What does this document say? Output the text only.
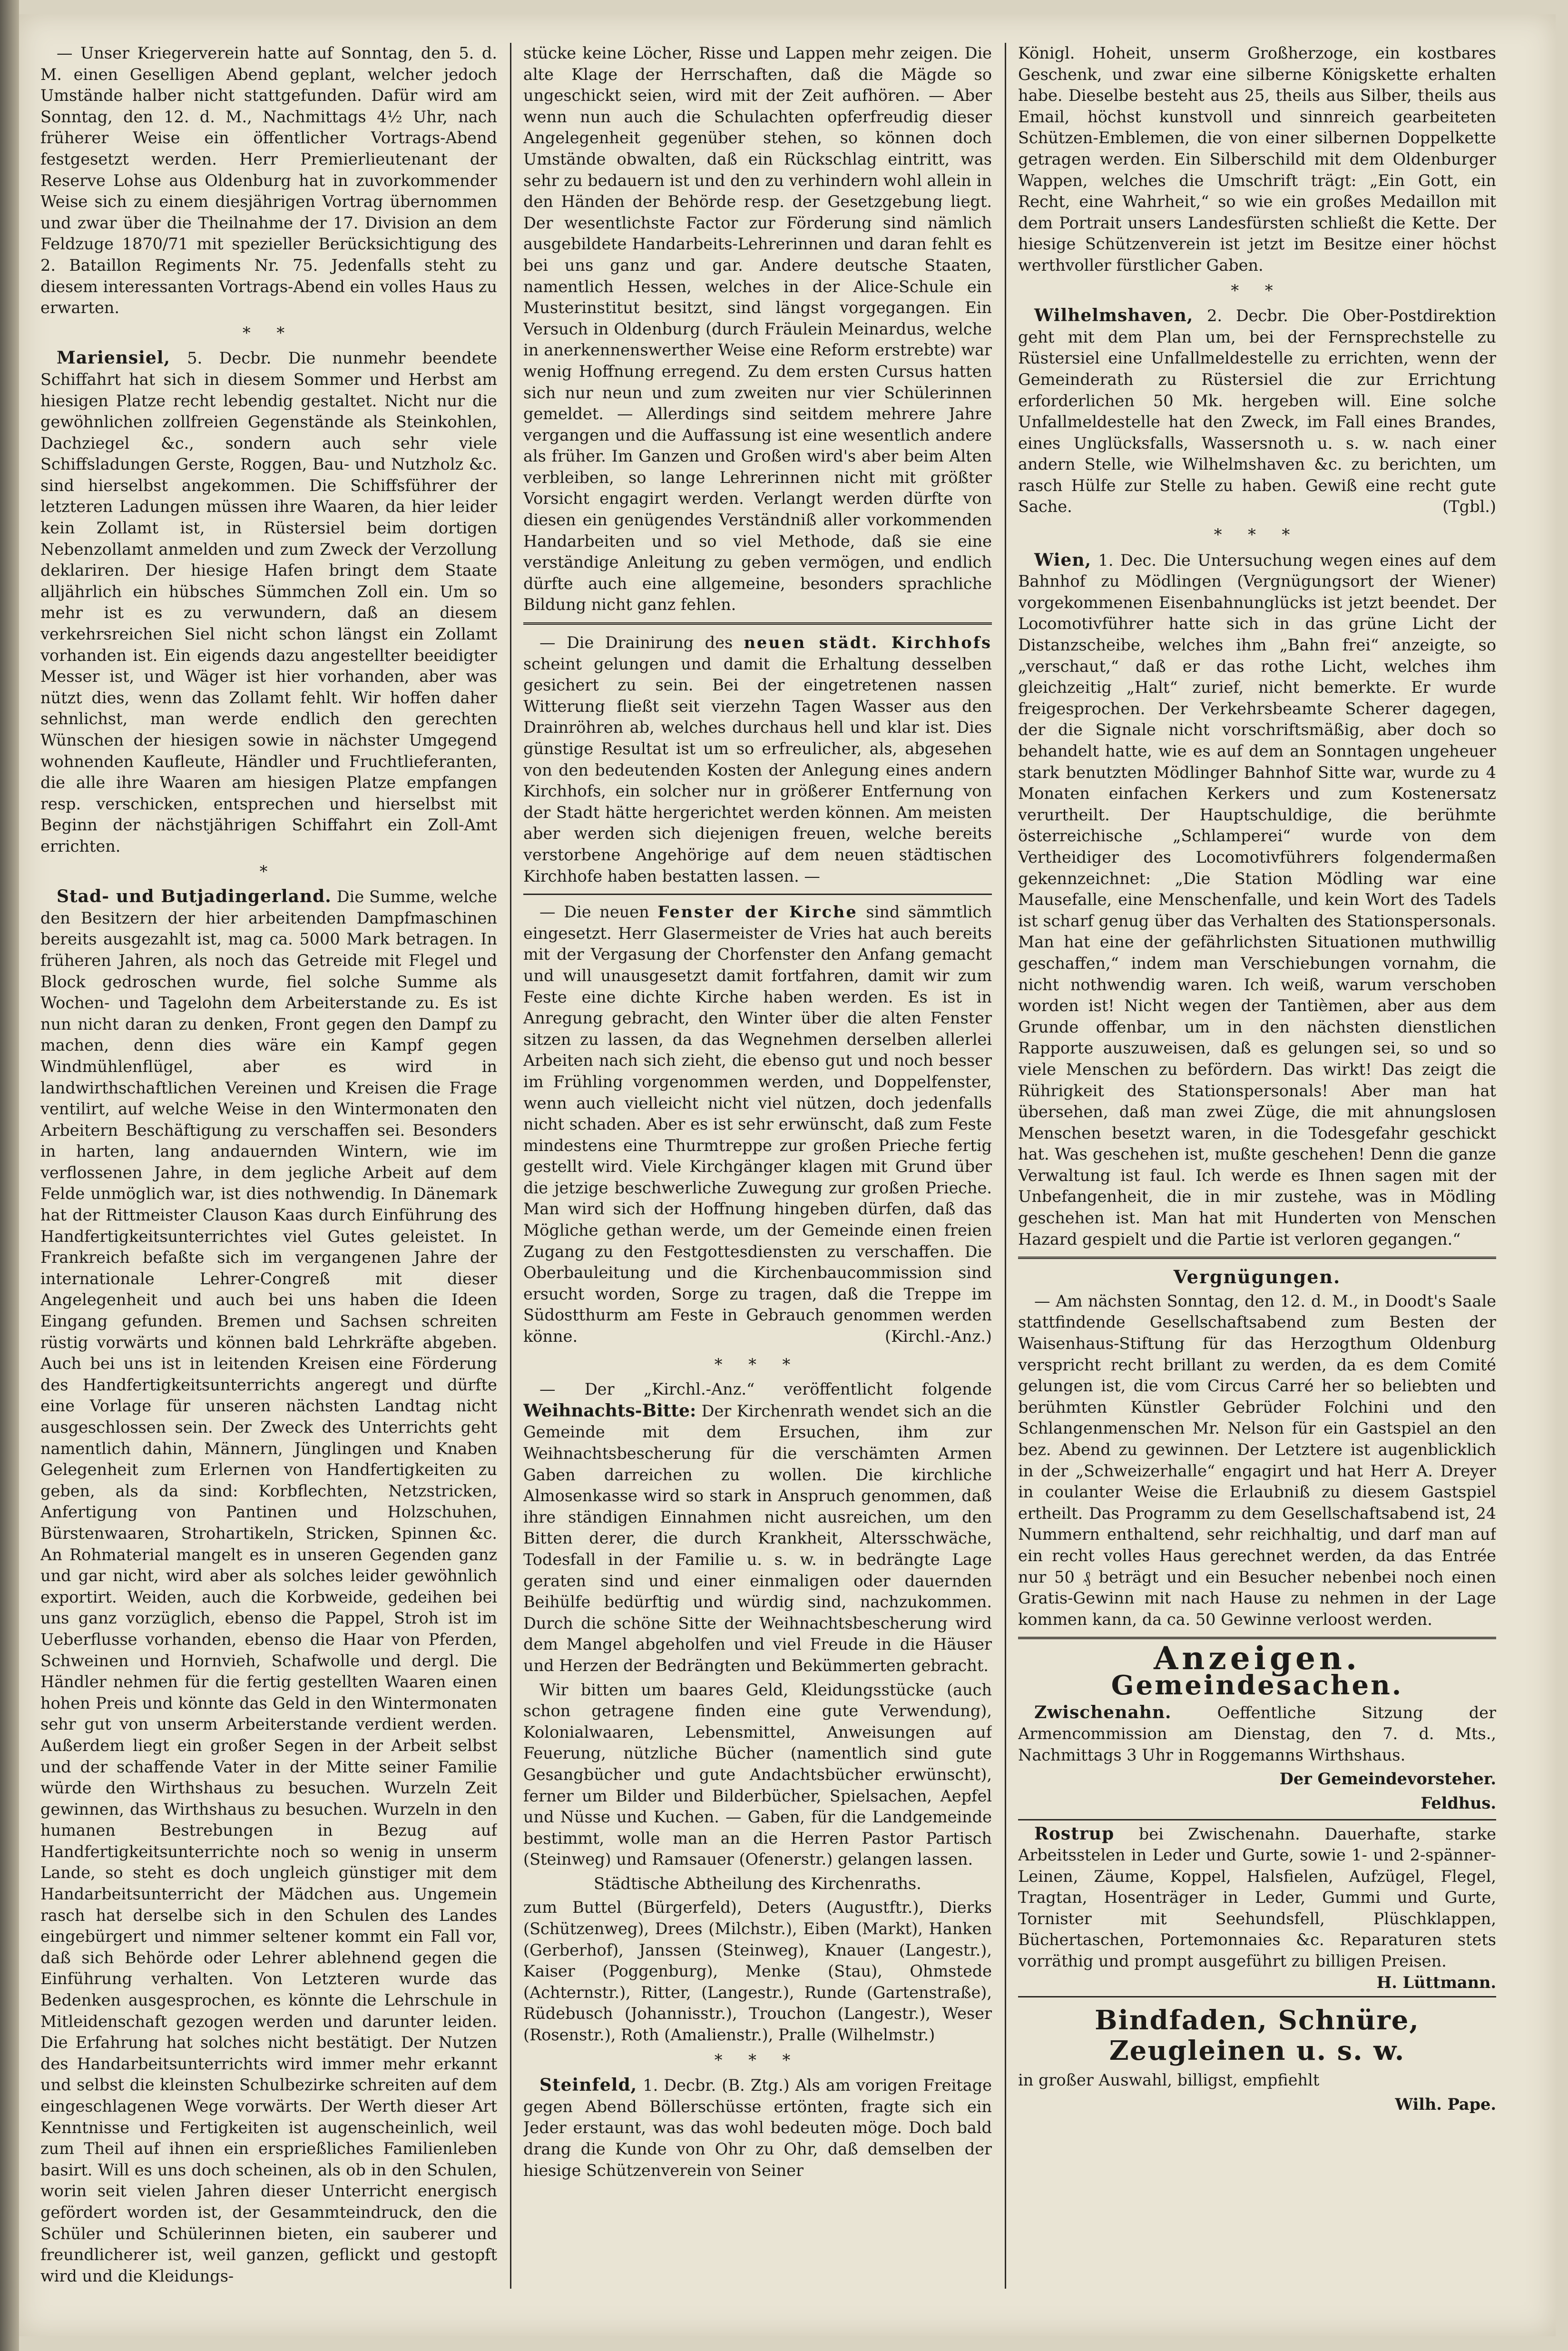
— Unser Kriegerverein hatte auf Sonntag, den 5. d. M. einen Geselligen Abend geplant, welcher jedoch Umstände halber nicht stattgefunden. Dafür wird am Sonntag, den 12. d. M., Nachmittags 4½ Uhr, nach früherer Weise ein öffentlicher Vortrags-Abend festgesetzt werden. Herr Premierlieutenant der Reserve Lohse aus Oldenburg hat in zuvorkommender Weise sich zu einem diesjährigen Vortrag übernommen und zwar über die Theilnahme der 17. Division an dem Feldzuge 1870/71 mit spezieller Berücksichtigung des 2. Bataillon Regiments Nr. 75. Jedenfalls steht zu diesem interessanten Vortrags-Abend ein volles Haus zu erwarten.

* *

Mariensiel, 5. Decbr. Die nunmehr beendete Schiffahrt hat sich in diesem Sommer und Herbst am hiesigen Platze recht lebendig gestaltet. Nicht nur die gewöhnlichen zollfreien Gegenstände als Steinkohlen, Dachziegel &c., sondern auch sehr viele Schiffsladungen Gerste, Roggen, Bau- und Nutzholz &c. sind hierselbst angekommen. Die Schiffsführer der letzteren Ladungen müssen ihre Waaren, da hier leider kein Zollamt ist, in Rüstersiel beim dortigen Nebenzollamt anmelden und zum Zweck der Verzollung deklariren. Der hiesige Hafen bringt dem Staate alljährlich ein hübsches Sümmchen Zoll ein. Um so mehr ist es zu verwundern, daß an diesem verkehrsreichen Siel nicht schon längst ein Zollamt vorhanden ist. Ein eigends dazu angestellter beeidigter Messer ist, und Wäger ist hier vorhanden, aber was nützt dies, wenn das Zollamt fehlt. Wir hoffen daher sehnlichst, man werde endlich den gerechten Wünschen der hiesigen sowie in nächster Umgegend wohnenden Kaufleute, Händler und Fruchtlieferanten, die alle ihre Waaren am hiesigen Platze empfangen resp. verschicken, entsprechen und hierselbst mit Beginn der nächstjährigen Schiffahrt ein Zoll-Amt errichten.

*

Stad- und Butjadingerland. Die Summe, welche den Besitzern der hier arbeitenden Dampfmaschinen bereits ausgezahlt ist, mag ca. 5000 Mark betragen. In früheren Jahren, als noch das Getreide mit Flegel und Block gedroschen wurde, fiel solche Summe als Wochen- und Tagelohn dem Arbeiterstande zu. Es ist nun nicht daran zu denken, Front gegen den Dampf zu machen, denn dies wäre ein Kampf gegen Windmühlenflügel, aber es wird in landwirthschaftlichen Vereinen und Kreisen die Frage ventilirt, auf welche Weise in den Wintermonaten den Arbeitern Beschäftigung zu verschaffen sei. Besonders in harten, lang andauernden Wintern, wie im verflossenen Jahre, in dem jegliche Arbeit auf dem Felde unmöglich war, ist dies nothwendig. In Dänemark hat der Rittmeister Clauson Kaas durch Einführung des Handfertigkeitsunterrichtes viel Gutes geleistet. In Frankreich befaßte sich im vergangenen Jahre der internationale Lehrer-Congreß mit dieser Angelegenheit und auch bei uns haben die Ideen Eingang gefunden. Bremen und Sachsen schreiten rüstig vorwärts und können bald Lehrkräfte abgeben. Auch bei uns ist in leitenden Kreisen eine Förderung des Handfertigkeitsunterrichts angeregt und dürfte eine Vorlage für unseren nächsten Landtag nicht ausgeschlossen sein. Der Zweck des Unterrichts geht namentlich dahin, Männern, Jünglingen und Knaben Gelegenheit zum Erlernen von Handfertigkeiten zu geben, als da sind: Korbflechten, Netzstricken, Anfertigung von Pantinen und Holzschuhen, Bürstenwaaren, Strohartikeln, Stricken, Spinnen &c. An Rohmaterial mangelt es in unseren Gegenden ganz und gar nicht, wird aber als solches leider gewöhnlich exportirt. Weiden, auch die Korbweide, gedeihen bei uns ganz vorzüglich, ebenso die Pappel, Stroh ist im Ueberflusse vorhanden, ebenso die Haar von Pferden, Schweinen und Hornvieh, Schafwolle und dergl. Die Händler nehmen für die fertig gestellten Waaren einen hohen Preis und könnte das Geld in den Wintermonaten sehr gut von unserm Arbeiterstande verdient werden. Außerdem liegt ein großer Segen in der Arbeit selbst und der schaffende Vater in der Mitte seiner Familie würde den Wirthshaus zu besuchen. Wurzeln Zeit gewinnen, das Wirthshaus zu besuchen. Wurzeln in den humanen Bestrebungen in Bezug auf Handfertigkeitsunterrichte noch so wenig in unserm Lande, so steht es doch ungleich günstiger mit dem Handarbeitsunterricht der Mädchen aus. Ungemein rasch hat derselbe sich in den Schulen des Landes eingebürgert und nimmer seltener kommt ein Fall vor, daß sich Behörde oder Lehrer ablehnend gegen die Einführung verhalten. Von Letzteren wurde das Bedenken ausgesprochen, es könnte die Lehrschule in Mitleidenschaft gezogen werden und darunter leiden. Die Erfahrung hat solches nicht bestätigt. Der Nutzen des Handarbeitsunterrichts wird immer mehr erkannt und selbst die kleinsten Schulbezirke schreiten auf dem eingeschlagenen Wege vorwärts. Der Werth dieser Art Kenntnisse und Fertigkeiten ist augenscheinlich, weil zum Theil auf ihnen ein ersprießliches Familienleben basirt. Will es uns doch scheinen, als ob in den Schulen, worin seit vielen Jahren dieser Unterricht energisch gefördert worden ist, der Gesammteindruck, den die Schüler und Schülerinnen bieten, ein sauberer und freundlicherer ist, weil ganzen, geflickt und gestopft wird und die Kleidungs-

stücke keine Löcher, Risse und Lappen mehr zeigen. Die alte Klage der Herrschaften, daß die Mägde so ungeschickt seien, wird mit der Zeit aufhören. — Aber wenn nun auch die Schulachten opferfreudig dieser Angelegenheit gegenüber stehen, so können doch Umstände obwalten, daß ein Rückschlag eintritt, was sehr zu bedauern ist und den zu verhindern wohl allein in den Händen der Behörde resp. der Gesetzgebung liegt. Der wesentlichste Factor zur Förderung sind nämlich ausgebildete Handarbeits-Lehrerinnen und daran fehlt es bei uns ganz und gar. Andere deutsche Staaten, namentlich Hessen, welches in der Alice-Schule ein Musterinstitut besitzt, sind längst vorgegangen. Ein Versuch in Oldenburg (durch Fräulein Meinardus, welche in anerkennenswerther Weise eine Reform erstrebte) war wenig Hoffnung erregend. Zu dem ersten Cursus hatten sich nur neun und zum zweiten nur vier Schülerinnen gemeldet. — Allerdings sind seitdem mehrere Jahre vergangen und die Auffassung ist eine wesentlich andere als früher. Im Ganzen und Großen wird's aber beim Alten verbleiben, so lange Lehrerinnen nicht mit größter Vorsicht engagirt werden. Verlangt werden dürfte von diesen ein genügendes Verständniß aller vorkommenden Handarbeiten und so viel Methode, daß sie eine verständige Anleitung zu geben vermögen, und endlich dürfte auch eine allgemeine, besonders sprachliche Bildung nicht ganz fehlen.

— Die Drainirung des neuen städt. Kirchhofs scheint gelungen und damit die Erhaltung desselben gesichert zu sein. Bei der eingetretenen nassen Witterung fließt seit vierzehn Tagen Wasser aus den Drainröhren ab, welches durchaus hell und klar ist. Dies günstige Resultat ist um so erfreulicher, als, abgesehen von den bedeutenden Kosten der Anlegung eines andern Kirchhofs, ein solcher nur in größerer Entfernung von der Stadt hätte hergerichtet werden können. Am meisten aber werden sich diejenigen freuen, welche bereits verstorbene Angehörige auf dem neuen städtischen Kirchhofe haben bestatten lassen. —

— Die neuen Fenster der Kirche sind sämmtlich eingesetzt. Herr Glasermeister de Vries hat auch bereits mit der Vergasung der Chorfenster den Anfang gemacht und will unausgesetzt damit fortfahren, damit wir zum Feste eine dichte Kirche haben werden. Es ist in Anregung gebracht, den Winter über die alten Fenster sitzen zu lassen, da das Wegnehmen derselben allerlei Arbeiten nach sich zieht, die ebenso gut und noch besser im Frühling vorgenommen werden, und Doppelfenster, wenn auch vielleicht nicht viel nützen, doch jedenfalls nicht schaden. Aber es ist sehr erwünscht, daß zum Feste mindestens eine Thurmtreppe zur großen Prieche fertig gestellt wird. Viele Kirchgänger klagen mit Grund über die jetzige beschwerliche Zuwegung zur großen Prieche. Man wird sich der Hoffnung hingeben dürfen, daß das Mögliche gethan werde, um der Gemeinde einen freien Zugang zu den Festgottesdiensten zu verschaffen. Die Oberbauleitung und die Kirchenbaucommission sind ersucht worden, Sorge zu tragen, daß die Treppe im Südostthurm am Feste in Gebrauch genommen werden könne.	(Kirchl.-Anz.)

* * *

— Der „Kirchl.-Anz.“ veröffentlicht folgende Weihnachts-Bitte: Der Kirchenrath wendet sich an die Gemeinde mit dem Ersuchen, ihm zur Weihnachtsbescherung für die verschämten Armen Gaben darreichen zu wollen. Die kirchliche Almosenkasse wird so stark in Anspruch genommen, daß ihre ständigen Einnahmen nicht ausreichen, um den Bitten derer, die durch Krankheit, Altersschwäche, Todesfall in der Familie u. s. w. in bedrängte Lage geraten sind und einer einmaligen oder dauernden Beihülfe bedürftig und würdig sind, nachzukommen. Durch die schöne Sitte der Weihnachtsbescherung wird dem Mangel abgeholfen und viel Freude in die Häuser und Herzen der Bedrängten und Bekümmerten gebracht.

Wir bitten um baares Geld, Kleidungsstücke (auch schon getragene finden eine gute Verwendung), Kolonialwaaren, Lebensmittel, Anweisungen auf Feuerung, nützliche Bücher (namentlich sind gute Gesangbücher und gute Andachtsbücher erwünscht), ferner um Bilder und Bilderbücher, Spielsachen, Aepfel und Nüsse und Kuchen. — Gaben, für die Landgemeinde bestimmt, wolle man an die Herren Pastor Partisch (Steinweg) und Ramsauer (Ofenerstr.) gelangen lassen.

Städtische Abtheilung des Kirchenraths.

zum Buttel (Bürgerfeld), Deters (Augustftr.), Dierks (Schützenweg), Drees (Milchstr.), Eiben (Markt), Hanken (Gerberhof), Janssen (Steinweg), Knauer (Langestr.), Kaiser (Poggenburg), Menke (Stau), Ohmstede (Achternstr.), Ritter, (Langestr.), Runde (Gartenstraße), Rüdebusch (Johannisstr.), Trouchon (Langestr.), Weser (Rosenstr.), Roth (Amalienstr.), Pralle (Wilhelmstr.)

* * *

Steinfeld, 1. Decbr. (B. Ztg.) Als am vorigen Freitage gegen Abend Böllerschüsse ertönten, fragte sich ein Jeder erstaunt, was das wohl bedeuten möge. Doch bald drang die Kunde von Ohr zu Ohr, daß demselben der hiesige Schützenverein von Seiner

Königl. Hoheit, unserm Großherzoge, ein kostbares Geschenk, und zwar eine silberne Königskette erhalten habe. Dieselbe besteht aus 25, theils aus Silber, theils aus Email, höchst kunstvoll und sinnreich gearbeiteten Schützen-Emblemen, die von einer silbernen Doppelkette getragen werden. Ein Silberschild mit dem Oldenburger Wappen, welches die Umschrift trägt: „Ein Gott, ein Recht, eine Wahrheit,“ so wie ein großes Medaillon mit dem Portrait unsers Landesfürsten schließt die Kette. Der hiesige Schützenverein ist jetzt im Besitze einer höchst werthvoller fürstlicher Gaben.

* *

Wilhelmshaven, 2. Decbr. Die Ober-Postdirektion geht mit dem Plan um, bei der Fernsprechstelle zu Rüstersiel eine Unfallmeldestelle zu errichten, wenn der Gemeinderath zu Rüstersiel die zur Errichtung erforderlichen 50 Mk. hergeben will. Eine solche Unfallmeldestelle hat den Zweck, im Fall eines Brandes, eines Unglücksfalls, Wassersnoth u. s. w. nach einer andern Stelle, wie Wilhelmshaven &c. zu berichten, um rasch Hülfe zur Stelle zu haben. Gewiß eine recht gute Sache.	(Tgbl.)

* * *

Wien, 1. Dec. Die Untersuchung wegen eines auf dem Bahnhof zu Mödlingen (Vergnügungsort der Wiener) vorgekommenen Eisenbahnunglücks ist jetzt beendet. Der Locomotivführer hatte sich in das grüne Licht der Distanzscheibe, welches ihm „Bahn frei“ anzeigte, so „verschaut,“ daß er das rothe Licht, welches ihm gleichzeitig „Halt“ zurief, nicht bemerkte. Er wurde freigesprochen. Der Verkehrsbeamte Scherer dagegen, der die Signale nicht vorschriftsmäßig, aber doch so behandelt hatte, wie es auf dem an Sonntagen ungeheuer stark benutzten Mödlinger Bahnhof Sitte war, wurde zu 4 Monaten einfachen Kerkers und zum Kostenersatz verurtheilt. Der Hauptschuldige, die berühmte österreichische „Schlamperei“ wurde von dem Vertheidiger des Locomotivführers folgendermaßen gekennzeichnet: „Die Station Mödling war eine Mausefalle, eine Menschenfalle, und kein Wort des Tadels ist scharf genug über das Verhalten des Stationspersonals. Man hat eine der gefährlichsten Situationen muthwillig geschaffen,“ indem man Verschiebungen vornahm, die nicht nothwendig waren. Ich weiß, warum verschoben worden ist! Nicht wegen der Tantièmen, aber aus dem Grunde offenbar, um in den nächsten dienstlichen Rapporte auszuweisen, daß es gelungen sei, so und so viele Menschen zu befördern. Das wirkt! Das zeigt die Rührigkeit des Stationspersonals! Aber man hat übersehen, daß man zwei Züge, die mit ahnungslosen Menschen besetzt waren, in die Todesgefahr geschickt hat. Was geschehen ist, mußte geschehen! Denn die ganze Verwaltung ist faul. Ich werde es Ihnen sagen mit der Unbefangenheit, die in mir zustehe, was in Mödling geschehen ist. Man hat mit Hunderten von Menschen Hazard gespielt und die Partie ist verloren gegangen.“

Vergnügungen.

— Am nächsten Sonntag, den 12. d. M., in Doodt's Saale stattfindende Gesellschaftsabend zum Besten der Waisenhaus-Stiftung für das Herzogthum Oldenburg verspricht recht brillant zu werden, da es dem Comité gelungen ist, die vom Circus Carré her so beliebten und berühmten Künstler Gebrüder Folchini und den Schlangenmenschen Mr. Nelson für ein Gastspiel an den bez. Abend zu gewinnen. Der Letztere ist augenblicklich in der „Schweizerhalle“ engagirt und hat Herr A. Dreyer in coulanter Weise die Erlaubniß zu diesem Gastspiel ertheilt. Das Programm zu dem Gesellschaftsabend ist, 24 Nummern enthaltend, sehr reichhaltig, und darf man auf ein recht volles Haus gerechnet werden, da das Entrée nur 50 ₰ beträgt und ein Besucher nebenbei noch einen Gratis-Gewinn mit nach Hause zu nehmen in der Lage kommen kann, da ca. 50 Gewinne verloost werden.

Anzeigen.
Gemeindesachen.

Zwischenahn. Oeffentliche Sitzung der Armencommission am Dienstag, den 7. d. Mts., Nachmittags 3 Uhr in Roggemanns Wirthshaus.

Der Gemeindevorsteher.

Feldhus.

Rostrup bei Zwischenahn. Dauerhafte, starke Arbeitsstelen in Leder und Gurte, sowie 1- und 2-spänner-Leinen, Zäume, Koppel, Halsfielen, Aufzügel, Flegel, Tragtan, Hosenträger in Leder, Gummi und Gurte, Tornister mit Seehundsfell, Plüschklappen, Büchertaschen, Portemonnaies &c. Reparaturen stets vorräthig und prompt ausgeführt zu billigen Preisen.
H. Lüttmann.

Bindfaden, Schnüre,
Zeugleinen u. s. w.

in großer Auswahl, billigst, empfiehlt

Wilh. Pape.
